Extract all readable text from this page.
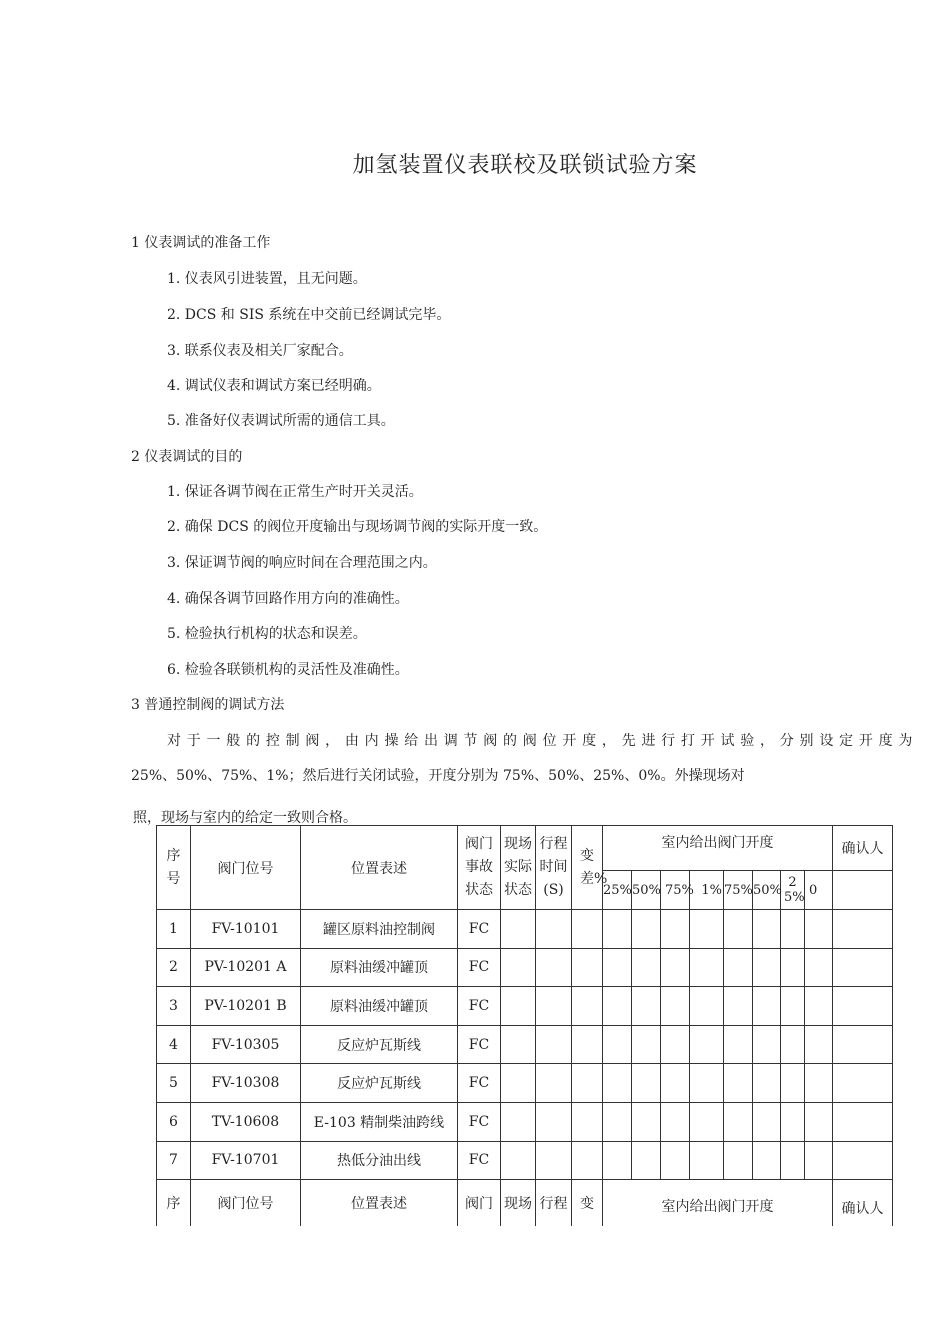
加氢装置仪表联校及联锁试验方案
1 仪表调试的准备工作
1. 仪表风引进装置，且无问题。
2. DCS 和 SIS 系统在中交前已经调试完毕。
3. 联系仪表及相关厂家配合。
4. 调试仪表和调试方案已经明确。
5. 准备好仪表调试所需的通信工具。
2 仪表调试的目的
1. 保证各调节阀在正常生产时开关灵活。
2. 确保 DCS 的阀位开度输出与现场调节阀的实际开度一致。
3. 保证调节阀的响应时间在合理范围之内。
4. 确保各调节回路作用方向的准确性。
5. 检验执行机构的状态和误差。
6. 检验各联锁机构的灵活性及准确性。
3 普通控制阀的调试方法
对于一般的控制阀，由内操给出调节阀的阀位开度，先进行打开试验，分别设定开度为
25%、50%、75%、1%；然后进行关闭试验，开度分别为 75%、50%、25%、0%。外操现场对
照，现场与室内的给定一致则合格。
序号	阀门位号	位置表述	阀门事故状态	现场实际状态	行程时间(S)	变差%	室内给出阀门开度								确认人
							25%	50%	75%	1%	75%	50%	25%	0	
1	FV-10101	罐区原料油控制阀	FC												
2	PV-10201 A	原料油缓冲罐顶	FC												
3	PV-10201 B	原料油缓冲罐顶	FC												
4	FV-10305	反应炉瓦斯线	FC												
5	FV-10308	反应炉瓦斯线	FC												
6	TV-10608	E-103 精制柴油跨线	FC												
7	FV-10701	热低分油出线	FC												
序	阀门位号	位置表述	阀门	现场	行程	变	室内给出阀门开度								确认人
